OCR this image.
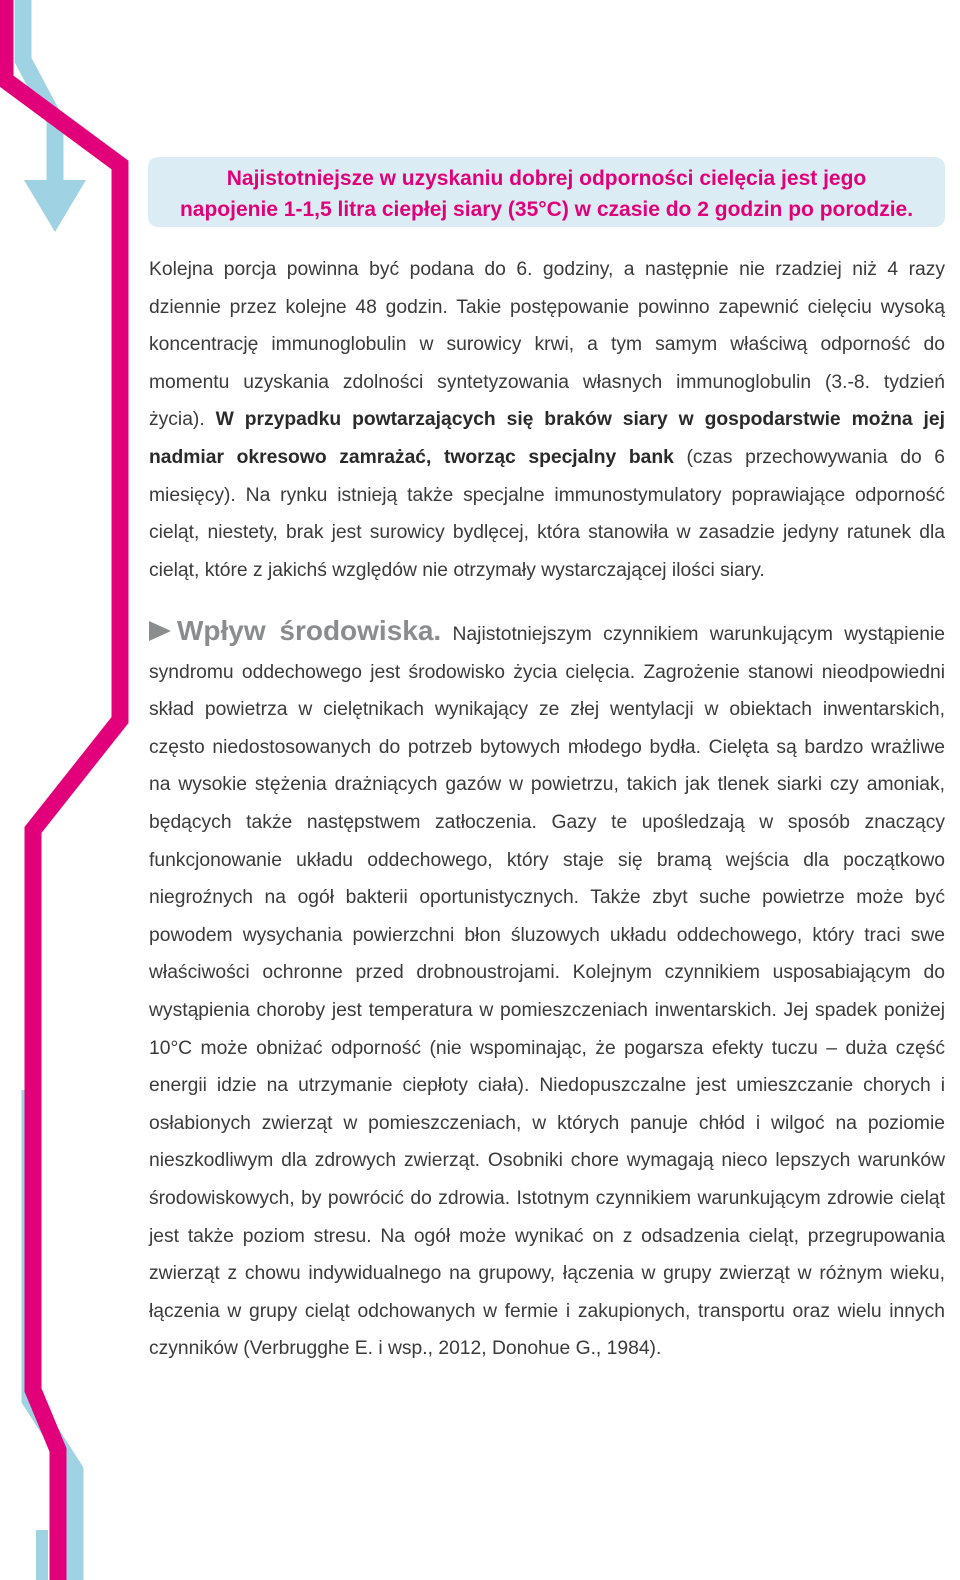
Najistotniejsze w uzyskaniu dobrej odporności cielęcia jest jego
napojenie 1-1,5 litra ciepłej siary (35°C) w czasie do 2 godzin po porodzie.

Kolejna porcja powinna być podana do 6. godziny, a następnie nie rzadziej niż 4 razy dziennie przez kolejne 48 godzin. Takie postępowanie powinno zapewnić cielęciu wysoką koncentrację immunoglobulin w surowicy krwi, a tym samym właściwą odporność do momentu uzyskania zdolności syntetyzowania własnych immunoglobulin (3.-8. tydzień życia). W przypadku powtarzających się braków siary w gospodarstwie można jej nadmiar okresowo zamrażać, tworząc specjalny bank (czas przechowywania do 6 miesięcy). Na rynku istnieją także specjalne immunostymulatory poprawiające odporność cieląt, niestety, brak jest surowicy bydlęcej, która stanowiła w zasadzie jedyny ratunek dla cieląt, które z jakichś względów nie otrzymały wystarczającej ilości siary.

Wpływ środowiska. Najistotniejszym czynnikiem warunkującym wystąpienie syndromu oddechowego jest środowisko życia cielęcia. Zagrożenie stanowi nieodpowiedni skład powietrza w cielętnikach wynikający ze złej wentylacji w obiektach inwentarskich, często niedostosowanych do potrzeb bytowych młodego bydła. Cielęta są bardzo wrażliwe na wysokie stężenia drażniących gazów w powietrzu, takich jak tlenek siarki czy amoniak, będących także następstwem zatłoczenia. Gazy te upośledzają w sposób znaczący funkcjonowanie układu oddechowego, który staje się bramą wejścia dla początkowo niegroźnych na ogół bakterii oportunistycznych. Także zbyt suche powietrze może być powodem wysychania powierzchni błon śluzowych układu oddechowego, który traci swe właściwości ochronne przed drobnoustrojami. Kolejnym czynnikiem usposabiającym do wystąpienia choroby jest temperatura w pomieszczeniach inwentarskich. Jej spadek poniżej 10°C może obniżać odporność (nie wspominając, że pogarsza efekty tuczu – duża część energii idzie na utrzymanie ciepłoty ciała). Niedopuszczalne jest umieszczanie chorych i osłabionych zwierząt w pomieszczeniach, w których panuje chłód i wilgoć na poziomie nieszkodliwym dla zdrowych zwierząt. Osobniki chore wymagają nieco lepszych warunków środowiskowych, by powrócić do zdrowia. Istotnym czynnikiem warunkującym zdrowie cieląt jest także poziom stresu. Na ogół może wynikać on z odsadzenia cieląt, przegrupowania zwierząt z chowu indywidualnego na grupowy, łączenia w grupy zwierząt w różnym wieku, łączenia w grupy cieląt odchowanych w fermie i zakupionych, transportu oraz wielu innych czynników (Verbrugghe E. i wsp., 2012, Donohue G., 1984).
